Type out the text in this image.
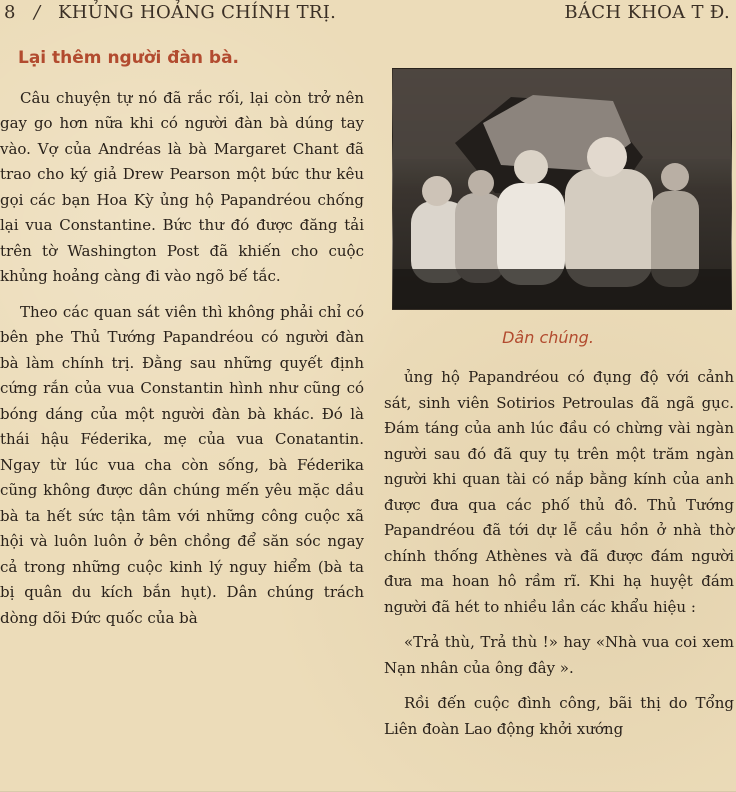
8 / KHỦNG HOẢNG CHÍNH TRỊ.	BÁCH KHOA T Đ.
Lại thêm người đàn bà.

Câu chuyện tự nó đã rắc rối, lại còn trở nên gay go hơn nữa khi có người đàn bà dúng tay vào. Vợ của Andréas là bà Margaret Chant đã trao cho ký giả Drew Pearson một bức thư kêu gọi các bạn Hoa Kỳ ủng hộ Papandréou chống lại vua Constantine. Bức thư đó được đăng tải trên tờ Washington Post đã khiến cho cuộc khủng hoảng càng đi vào ngõ bế tắc.

Theo các quan sát viên thì không phải chỉ có bên phe Thủ Tướng Papandréou có người đàn bà làm chính trị. Đằng sau những quyết định cứng rắn của vua Constantin hình như cũng có bóng dáng của một người đàn bà khác. Đó là thái hậu Féderika, mẹ của vua Conatantin. Ngay từ lúc vua cha còn sống, bà Féderika cũng không được dân chúng mến yêu mặc dầu bà ta hết sức tận tâm với những công cuộc xã hội và luôn luôn ở bên chồng để săn sóc ngay cả trong những cuộc kinh lý nguy hiểm (bà ta bị quân du kích bắn hụt). Dân chúng trách dòng dõi Đức quốc của bà

Dân chúng.

ủng hộ Papandréou có đụng độ với cảnh sát, sinh viên Sotirios Petroulas đã ngã gục. Đám táng của anh lúc đầu có chừng vài ngàn người sau đó đã quy tụ trên một trăm ngàn người khi quan tài có nắp bằng kính của anh được đưa qua các phố thủ đô. Thủ Tướng Papandréou đã tới dự lễ cầu hồn ở nhà thờ chính thống Athènes và đã được đám người đưa ma hoan hô rầm rĩ. Khi hạ huyệt đám người đã hét to nhiều lần các khẩu hiệu :

«Trả thù, Trả thù !» hay «Nhà vua coi xem Nạn nhân của ông đây ».

Rồi đến cuộc đình công, bãi thị do Tổng Liên đoàn Lao động khởi xướng
